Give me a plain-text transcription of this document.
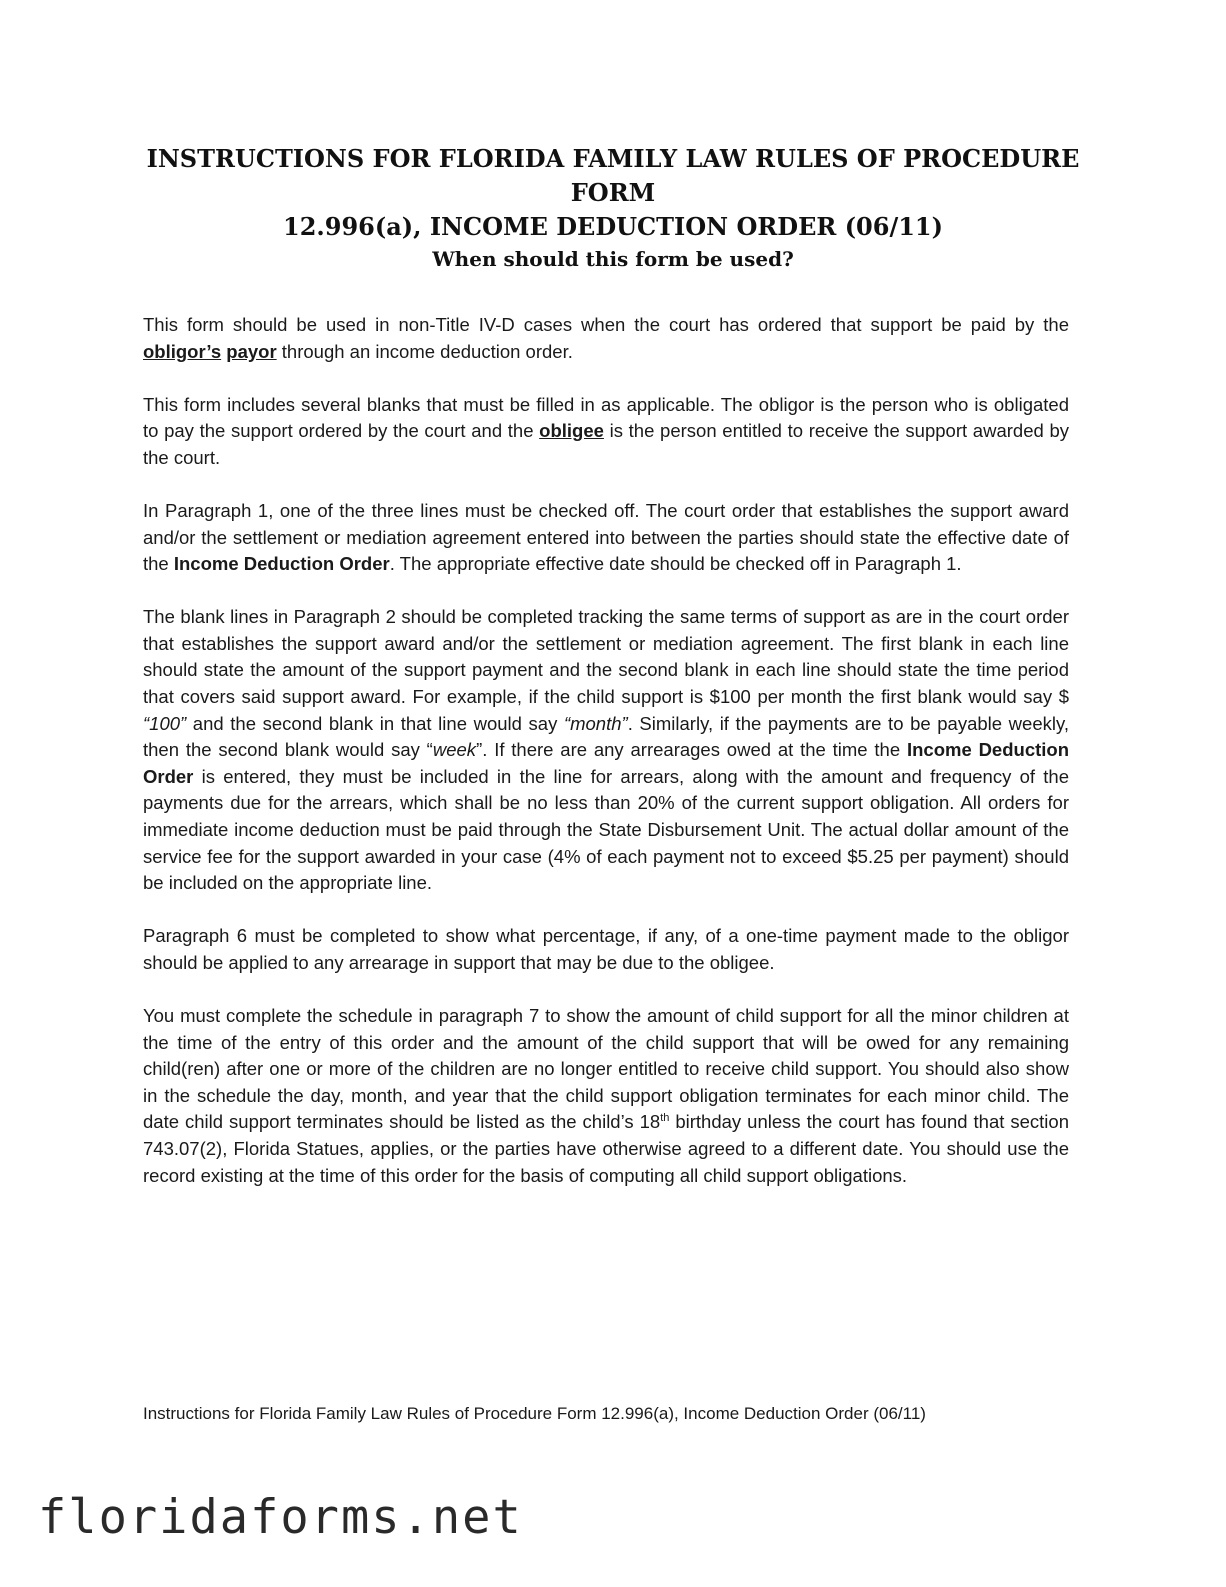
INSTRUCTIONS FOR FLORIDA FAMILY LAW RULES OF PROCEDURE FORM
12.996(a), INCOME DEDUCTION ORDER (06/11)
When should this form be used?

This form should be used in non-Title IV-D cases when the court has ordered that support be paid by the obligor’s payor through an income deduction order.

This form includes several blanks that must be filled in as applicable. The obligor is the person who is obligated to pay the support ordered by the court and the obligee is the person entitled to receive the support awarded by the court.

In Paragraph 1, one of the three lines must be checked off. The court order that establishes the support award and/or the settlement or mediation agreement entered into between the parties should state the effective date of the Income Deduction Order. The appropriate effective date should be checked off in Paragraph 1.

The blank lines in Paragraph 2 should be completed tracking the same terms of support as are in the court order that establishes the support award and/or the settlement or mediation agreement. The first blank in each line should state the amount of the support payment and the second blank in each line should state the time period that covers said support award. For example, if the child support is $100 per month the first blank would say $ “100” and the second blank in that line would say “month”. Similarly, if the payments are to be payable weekly, then the second blank would say “week”. If there are any arrearages owed at the time the Income Deduction Order is entered, they must be included in the line for arrears, along with the amount and frequency of the payments due for the arrears, which shall be no less than 20% of the current support obligation. All orders for immediate income deduction must be paid through the State Disbursement Unit. The actual dollar amount of the service fee for the support awarded in your case (4% of each payment not to exceed $5.25 per payment) should be included on the appropriate line.

Paragraph 6 must be completed to show what percentage, if any, of a one-time payment made to the obligor should be applied to any arrearage in support that may be due to the obligee.

You must complete the schedule in paragraph 7 to show the amount of child support for all the minor children at the time of the entry of this order and the amount of the child support that will be owed for any remaining child(ren) after one or more of the children are no longer entitled to receive child support. You should also show in the schedule the day, month, and year that the child support obligation terminates for each minor child. The date child support terminates should be listed as the child’s 18th birthday unless the court has found that section 743.07(2), Florida Statues, applies, or the parties have otherwise agreed to a different date. You should use the record existing at the time of this order for the basis of computing all child support obligations.

Instructions for Florida Family Law Rules of Procedure Form 12.996(a), Income Deduction Order (06/11)

floridaforms.net
